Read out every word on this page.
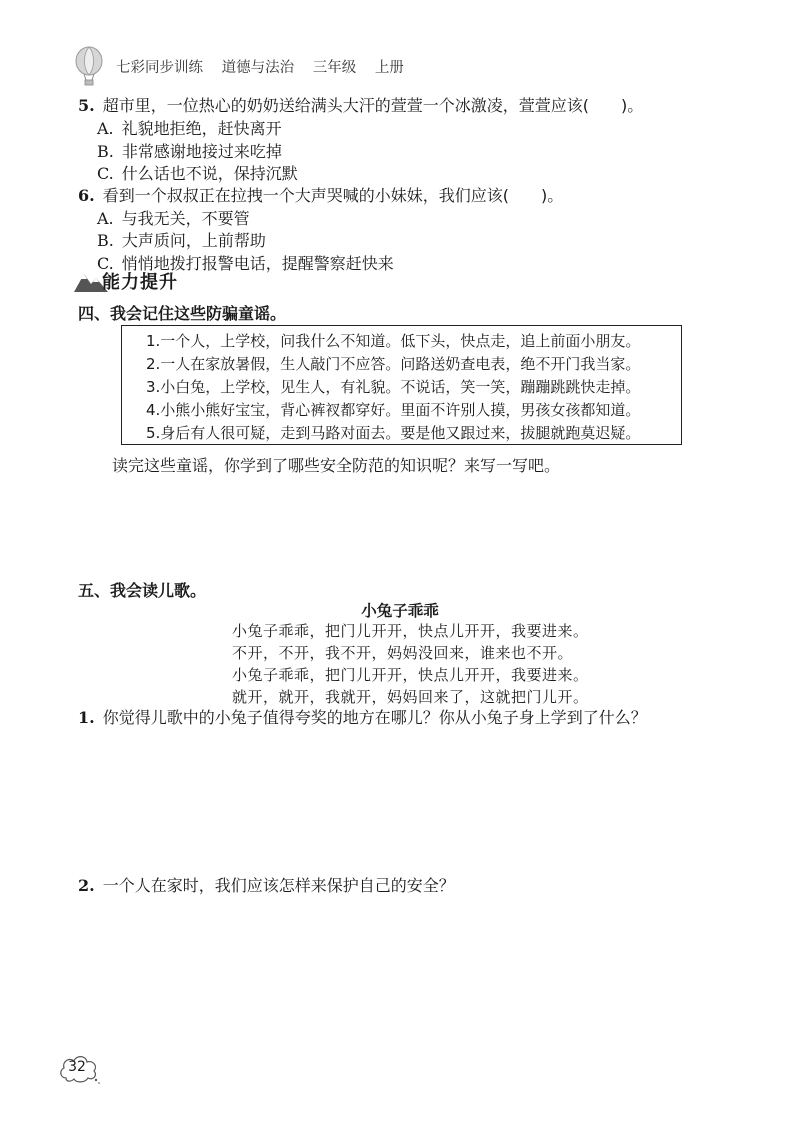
七彩同步训练 道德与法治 三年级 上册
5. 超市里，一位热心的奶奶送给满头大汗的萱萱一个冰激凌，萱萱应该(　　)。
A. 礼貌地拒绝，赶快离开
B. 非常感谢地接过来吃掉
C. 什么话也不说，保持沉默
6. 看到一个叔叔正在拉拽一个大声哭喊的小妹妹，我们应该(　　)。
A. 与我无关，不要管
B. 大声质问，上前帮助
C. 悄悄地拨打报警电话，提醒警察赶快来
能力提升
四、我会记住这些防骗童谣。
1.一个人，上学校，问我什么不知道。低下头，快点走，追上前面小朋友。
2.一人在家放暑假，生人敲门不应答。问路送奶查电表，绝不开门我当家。
3.小白兔，上学校，见生人，有礼貌。不说话，笑一笑，蹦蹦跳跳快走掉。
4.小熊小熊好宝宝，背心裤衩都穿好。里面不许别人摸，男孩女孩都知道。
5.身后有人很可疑，走到马路对面去。要是他又跟过来，拔腿就跑莫迟疑。
读完这些童谣，你学到了哪些安全防范的知识呢？来写一写吧。
五、我会读儿歌。
小兔子乖乖
小兔子乖乖，把门儿开开，快点儿开开，我要进来。
不开，不开，我不开，妈妈没回来，谁来也不开。
小兔子乖乖，把门儿开开，快点儿开开，我要进来。
就开，就开，我就开，妈妈回来了，这就把门儿开。
1. 你觉得儿歌中的小兔子值得夸奖的地方在哪儿？你从小兔子身上学到了什么？
2. 一个人在家时，我们应该怎样来保护自己的安全？
32
